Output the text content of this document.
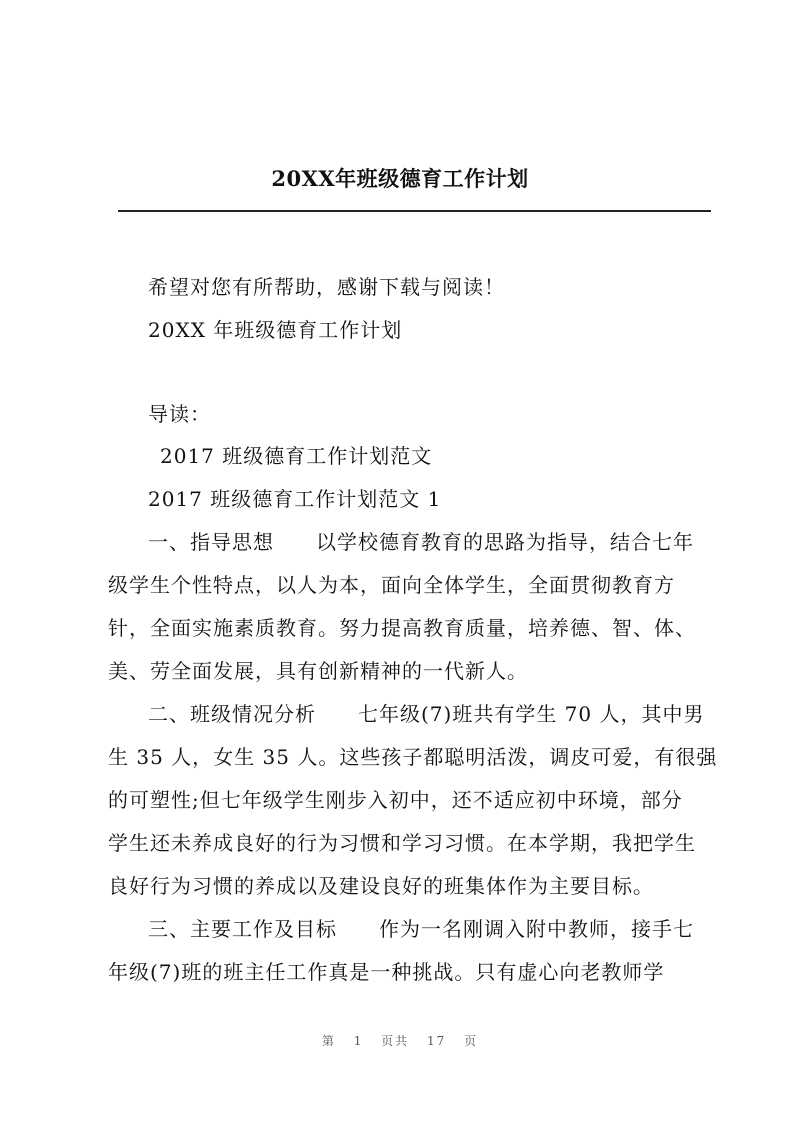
20XX年班级德育工作计划
希望对您有所帮助，感谢下载与阅读！
20XX 年班级德育工作计划
导读：
2017 班级德育工作计划范文
2017 班级德育工作计划范文 1
一、指导思想　　以学校德育教育的思路为指导，结合七年
级学生个性特点，以人为本，面向全体学生，全面贯彻教育方
针，全面实施素质教育。努力提高教育质量，培养德、智、体、
美、劳全面发展，具有创新精神的一代新人。
二、班级情况分析　　七年级(7)班共有学生 70 人，其中男
生 35 人，女生 35 人。这些孩子都聪明活泼，调皮可爱，有很强
的可塑性;但七年级学生刚步入初中，还不适应初中环境，部分
学生还未养成良好的行为习惯和学习习惯。在本学期，我把学生
良好行为习惯的养成以及建设良好的班集体作为主要目标。
三、主要工作及目标　　作为一名刚调入附中教师，接手七
年级(7)班的班主任工作真是一种挑战。只有虚心向老教师学
第 1 页共 17 页
